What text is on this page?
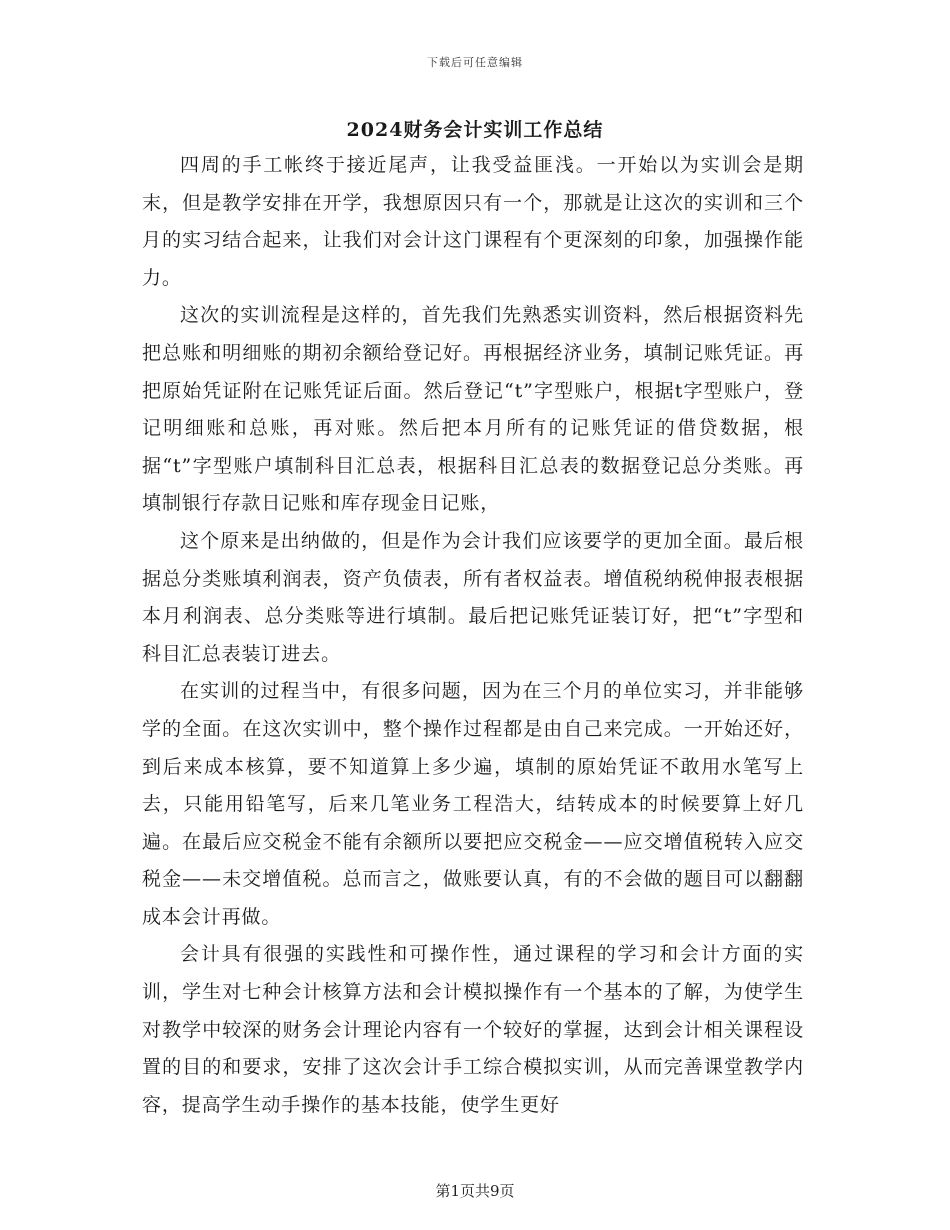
下载后可任意编辑
2024财务会计实训工作总结

四周的手工帐终于接近尾声，让我受益匪浅。一开始以为实训会是期末，但是教学安排在开学，我想原因只有一个，那就是让这次的实训和三个月的实习结合起来，让我们对会计这门课程有个更深刻的印象，加强操作能力。

这次的实训流程是这样的，首先我们先熟悉实训资料，然后根据资料先把总账和明细账的期初余额给登记好。再根据经济业务，填制记账凭证。再把原始凭证附在记账凭证后面。然后登记“t”字型账户，根据t字型账户，登记明细账和总账，再对账。然后把本月所有的记账凭证的借贷数据，根据“t”字型账户填制科目汇总表，根据科目汇总表的数据登记总分类账。再填制银行存款日记账和库存现金日记账，

这个原来是出纳做的，但是作为会计我们应该要学的更加全面。最后根据总分类账填利润表，资产负债表，所有者权益表。增值税纳税伸报表根据本月利润表、总分类账等进行填制。最后把记账凭证装订好，把“t”字型和科目汇总表装订进去。

在实训的过程当中，有很多问题，因为在三个月的单位实习，并非能够学的全面。在这次实训中，整个操作过程都是由自己来完成。一开始还好，到后来成本核算，要不知道算上多少遍，填制的原始凭证不敢用水笔写上去，只能用铅笔写，后来几笔业务工程浩大，结转成本的时候要算上好几遍。在最后应交税金不能有余额所以要把应交税金——应交增值税转入应交税金——未交增值税。总而言之，做账要认真，有的不会做的题目可以翻翻成本会计再做。

会计具有很强的实践性和可操作性，通过课程的学习和会计方面的实训，学生对七种会计核算方法和会计模拟操作有一个基本的了解，为使学生对教学中较深的财务会计理论内容有一个较好的掌握，达到会计相关课程设置的目的和要求，安排了这次会计手工综合模拟实训，从而完善课堂教学内容，提高学生动手操作的基本技能，使学生更好

第1页共9页
